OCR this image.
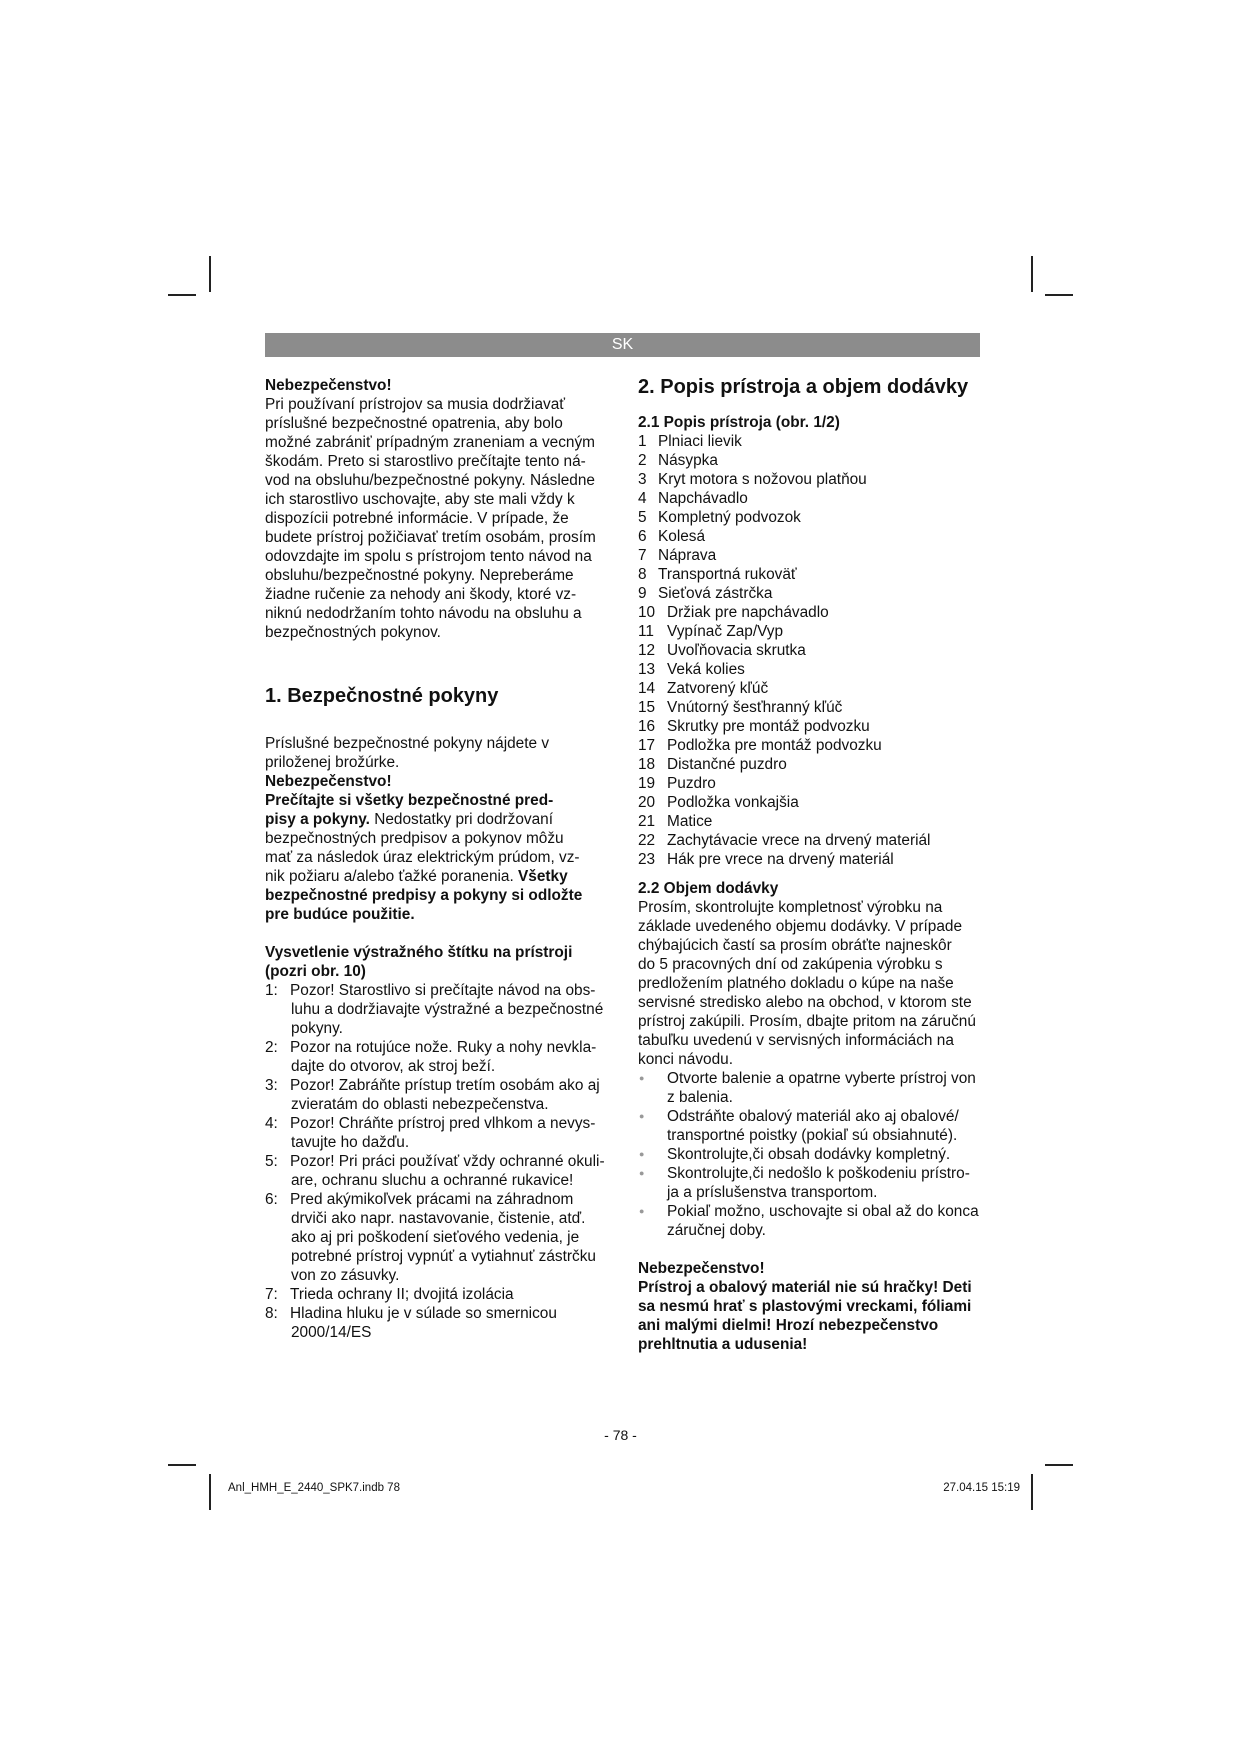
SK

Nebezpečenstvo!

Pri používaní prístrojov sa musia dodržiavať

príslušné bezpečnostné opatrenia, aby bolo

možné zabrániť prípadným zraneniam a vecným

škodám. Preto si starostlivo prečítajte tento ná-

vod na obsluhu/bezpečnostné pokyny. Následne

ich starostlivo uschovajte, aby ste mali vždy k

dispozícii potrebné informácie. V prípade, že

budete prístroj požičiavať tretím osobám, prosím

odovzdajte im spolu s prístrojom tento návod na

obsluhu/bezpečnostné pokyny. Nepreberáme

žiadne ručenie za nehody ani škody, ktoré vz-

niknú nedodržaním tohto návodu na obsluhu a

bezpečnostných pokynov.

1. Bezpečnostné pokyny

Príslušné bezpečnostné pokyny nájdete v

priloženej brožúrke.

Nebezpečenstvo!

Prečítajte si všetky bezpečnostné pred-

pisy a pokyny. Nedostatky pri dodržovaní

bezpečnostných predpisov a pokynov môžu

mať za následok úraz elektrickým prúdom, vz-

nik požiaru a/alebo ťažké poranenia. Všetky

bezpečnostné predpisy a pokyny si odložte

pre budúce použitie.

Vysvetlenie výstražného štítku na prístroji

(pozri obr. 10)

1: Pozor! Starostlivo si prečítajte návod na obs-
luhu a dodržiavajte výstražné a bezpečnostné
pokyny.
2: Pozor na rotujúce nože. Ruky a nohy nevkla-
dajte do otvorov, ak stroj beží.
3: Pozor! Zabráňte prístup tretím osobám ako aj
zvieratám do oblasti nebezpečenstva.
4: Pozor! Chráňte prístroj pred vlhkom a nevys-
tavujte ho dažďu.
5: Pozor! Pri práci používať vždy ochranné okuli-
are, ochranu sluchu a ochranné rukavice!
6: Pred akýmikoľvek prácami na záhradnom
drviči ako napr. nastavovanie, čistenie, atď.
ako aj pri poškodení sieťového vedenia, je
potrebné prístroj vypnúť a vytiahnuť zástrčku
von zo zásuvky.
7: Trieda ochrany II; dvojitá izolácia
8: Hladina hluku je v súlade so smernicou
2000/14/ES

2. Popis prístroja a objem dodávky

2.1 Popis prístroja (obr. 1/2)

1 Plniaci lievik
2 Násypka
3 Kryt motora s nožovou platňou
4 Napchávadlo
5 Kompletný podvozok
6 Kolesá
7 Náprava
8 Transportná rukoväť
9 Sieťová zástrčka
10 Držiak pre napchávadlo
11 Vypínač Zap/Vyp
12 Uvoľňovacia skrutka
13 Veká kolies
14 Zatvorený kľúč
15 Vnútorný šesťhranný kľúč
16 Skrutky pre montáž podvozku
17 Podložka pre montáž podvozku
18 Distančné puzdro
19 Puzdro
20 Podložka vonkajšia
21 Matice
22 Zachytávacie vrece na drvený materiál
23 Hák pre vrece na drvený materiál

2.2 Objem dodávky

Prosím, skontrolujte kompletnosť výrobku na

základe uvedeného objemu dodávky. V prípade

chýbajúcich častí sa prosím obráťte najneskôr

do 5 pracovných dní od zakúpenia výrobku s

predložením platného dokladu o kúpe na naše

servisné stredisko alebo na obchod, v ktorom ste

prístroj zakúpili. Prosím, dbajte pritom na záručnú

tabuľku uvedenú v servisných informáciách na

konci návodu.

●	Otvorte balenie a opatrne vyberte prístroj von
z balenia.
●	Odstráňte obalový materiál ako aj obalové/
transportné poistky (pokiaľ sú obsiahnuté).
●	Skontrolujte,či obsah dodávky kompletný.
●	Skontrolujte,či nedošlo k poškodeniu prístro-
ja a príslušenstva transportom.
●	Pokiaľ možno, uschovajte si obal až do konca
záručnej doby.

Nebezpečenstvo!

Prístroj a obalový materiál nie sú hračky! Deti

sa nesmú hrať s plastovými vreckami, fóliami

ani malými dielmi! Hrozí nebezpečenstvo

prehltnutia a udusenia!

- 78 -
Anl_HMH_E_2440_SPK7.indb 78	27.04.15 15:19
